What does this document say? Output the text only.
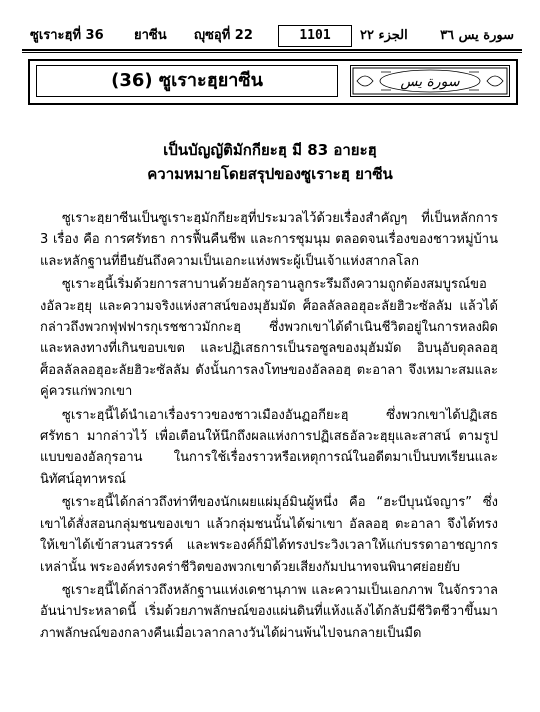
ซูเราะฮฺที่ 36 ยาซีน ญุซอุที่ 22	1101	الجزء ٢٢ سورة يس ٣٦
(36) ซูเราะฮฺยาซีน	سورة يس
เป็นบัญญัติมักกียะฮฺ มี 83 อายะฮฺ
ความหมายโดยสรุปของซูเราะฮฺ ยาซีน

ซูเราะฮฺยาซีนเป็นซูเราะฮฺมักกียะฮฺที่ประมวลไว้ด้วยเรื่องสำคัญๆ ที่เป็นหลักการ 3 เรื่อง คือ การศรัทธา การฟื้นคืนชีพ และการชุมนุม ตลอดจนเรื่องของชาวหมู่บ้าน และหลักฐานที่ยืนยันถึงความเป็นเอกะแห่งพระผู้เป็นเจ้าแห่งสากลโลก

ซูเราะฮฺนี้เริ่มด้วยการสาบานด้วยอัลกุรอานลูกระรึมถึงความถูกต้องสมบูรณ์ของอัลวะฮฺยุ และความจริงแห่งสาสน์ของมุฮัมมัด ศ็อลลัลลอฮุอะลัยฮิวะซัลลัม แล้วได้กล่าวถึงพวกฟุฟฟารกุเรชชาวมักกะฮฺ ซึ่งพวกเขาได้ดำเนินชีวิตอยู่ในการหลงผิด และหลงทางที่เกินขอบเขต และปฏิเสธการเป็นรอซูลของมุฮัมมัด อิบนุอับดุลลอฮฺ ศ็อลลัลลอฮุอะลัยฮิวะซัลลัม ดังนั้นการลงโทษของอัลลอฮฺ ตะอาลา จึงเหมาะสมและคู่ควรแก่พวกเขา

ซูเราะฮฺนี้ได้นำเอาเรื่องราวของชาวเมืองอันฏอกียะฮฺ ซึ่งพวกเขาได้ปฏิเสธศรัทธา มากล่าวไว้ เพื่อเตือนให้นึกถึงผลแห่งการปฏิเสธอัลวะฮฺยุและสาสน์ ตามรูปแบบของอัลกุรอาน ในการใช้เรื่องราวหรือเหตุการณ์ในอดีตมาเป็นบทเรียนและนิทัศน์อุทาหรณ์

ซูเราะฮฺนี้ได้กล่าวถึงท่าทีของนักเผยแผ่มุอ์มินผู้หนึ่ง คือ “ฮะบีบุนนัจญาร” ซึ่งเขาได้สั่งสอนกลุ่มชนของเขา แล้วกลุ่มชนนั้นได้ฆ่าเขา อัลลอฮฺ ตะอาลา จึงได้ทรงให้เขาได้เข้าสวนสวรรค์ และพระองค์ก็มิได้ทรงประวิงเวลาให้แก่บรรดาอาชญากรเหล่านั้น พระองค์ทรงคร่าชีวิตของพวกเขาด้วยเสียงกัมปนาทจนพินาศย่อยยับ

ซูเราะฮฺนี้ได้กล่าวถึงหลักฐานแห่งเดชานุภาพ และความเป็นเอกภาพ ในจักรวาลอันน่าประหลาดนี้ เริ่มด้วยภาพลักษณ์ของแผ่นดินที่แห้งแล้งได้กลับมีชีวิตชีวาขึ้นมา ภาพลักษณ์ของกลางคืนเมื่อเวลากลางวันได้ผ่านพ้นไปจนกลายเป็นมืด
